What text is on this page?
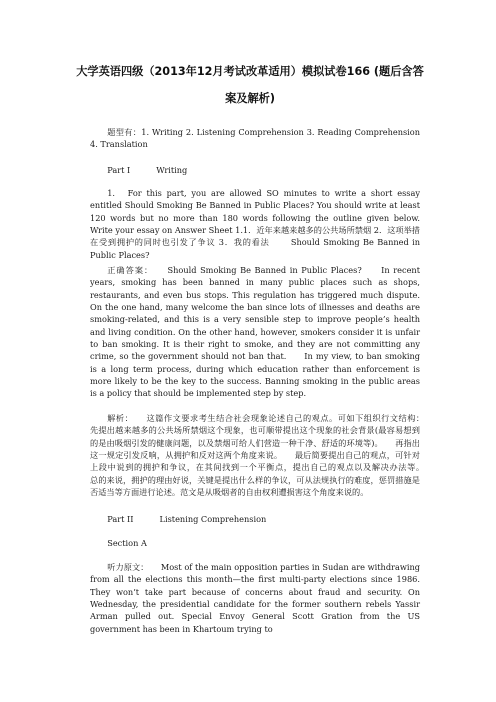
大学英语四级（2013年12月考试改革适用）模拟试卷166 (题后含答
案及解析)
题型有：1. Writing 2. Listening Comprehension 3. Reading Comprehension 4. Translation
Part I	Writing
1.　For this part, you are allowed SO minutes to write a short essay entitled Should Smoking Be Banned in Public Places? You should write at least 120 words but no more than 180 words following the outline given below. Write your essay on Answer Sheet 1.1．近年来越来越多的公共场所禁烟 2．这项举措在受到拥护的同时也引发了争议 3．我的看法　　 Should Smoking Be Banned in Public Places?
正确答案：　　Should Smoking Be Banned in Public Places?　　In recent years, smoking has been banned in many public places such as shops, restaurants, and even bus stops. This regulation has triggered much dispute.　　On the one hand, many welcome the ban since lots of illnesses and deaths are smoking-related, and this is a very sensible step to improve people’s health and living condition. On the other hand, however, smokers consider it is unfair to ban smoking. It is their right to smoke, and they are not committing any crime, so the government should not ban that.　　In my view, to ban smoking is a long term process, during which education rather than enforcement is more likely to be the key to the success. Banning smoking in the public areas is a policy that should be implemented step by step.
解析：　　这篇作文要求考生结合社会现象论述自己的观点。可如下组织行文结构：　　先提出越来越多的公共场所禁烟这个现象，也可顺带提出这个现象的社会背景(最容易想到的是由吸烟引发的健康问题，以及禁烟可给人们营造一种干净、舒适的环境等)。　　再指出这一规定引发反响，从拥护和反对这两个角度来说。　　最后简要提出自己的观点，可针对上段中说到的拥护和争议，在其间找到一个平衡点，提出自己的观点以及解决办法等。　　总的来说，拥护的理由好说，关键是提出什么样的争议，可从法规执行的难度，惩罚措施是否适当等方面进行论述。范文是从吸烟者的自由权利遭损害这个角度来说的。
Part II	Listening Comprehension
Section A
听力原文：　　Most of the main opposition parties in Sudan are withdrawing from all the elections this month—the first multi-party elections since 1986. They won’t take part because of concerns about fraud and security. On Wednesday, the presidential candidate for the former southern rebels Yassir Arman pulled out. Special Envoy General Scott Gration from the US government has been in Khartoum trying to
